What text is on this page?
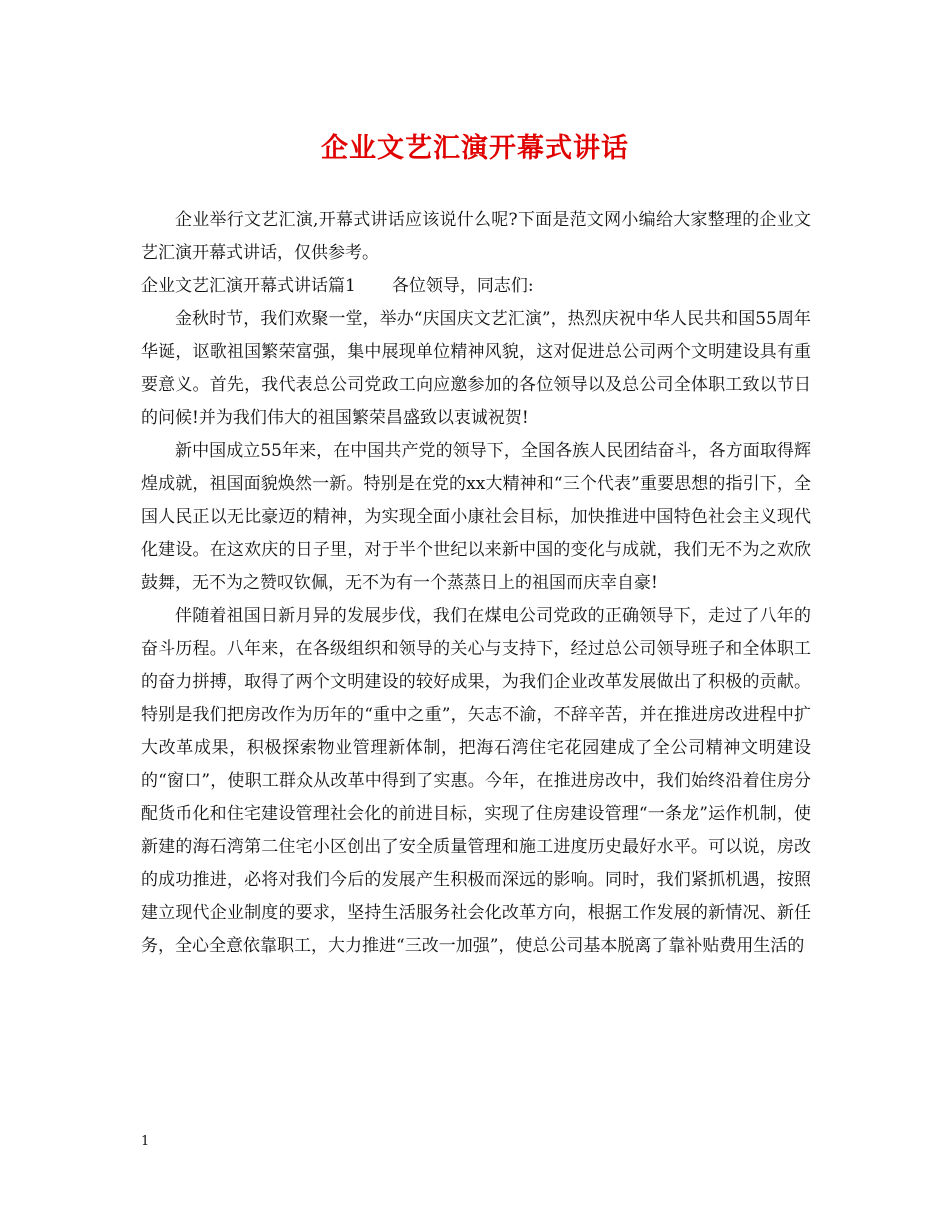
企业文艺汇演开幕式讲话

企业举行文艺汇演,开幕式讲话应该说什么呢?下面是范文网小编给大家整理的企业文艺汇演开幕式讲话，仅供参考。

企业文艺汇演开幕式讲话篇1 各位领导，同志们:

金秋时节，我们欢聚一堂，举办“庆国庆文艺汇演”，热烈庆祝中华人民共和国55周年华诞，讴歌祖国繁荣富强，集中展现单位精神风貌，这对促进总公司两个文明建设具有重要意义。首先，我代表总公司党政工向应邀参加的各位领导以及总公司全体职工致以节日的问候!并为我们伟大的祖国繁荣昌盛致以衷诚祝贺!

新中国成立55年来，在中国共产党的领导下，全国各族人民团结奋斗，各方面取得辉煌成就，祖国面貌焕然一新。特别是在党的xx大精神和“三个代表”重要思想的指引下，全国人民正以无比豪迈的精神，为实现全面小康社会目标，加快推进中国特色社会主义现代化建设。在这欢庆的日子里，对于半个世纪以来新中国的变化与成就，我们无不为之欢欣鼓舞，无不为之赞叹钦佩，无不为有一个蒸蒸日上的祖国而庆幸自豪!

伴随着祖国日新月异的发展步伐，我们在煤电公司党政的正确领导下，走过了八年的奋斗历程。八年来，在各级组织和领导的关心与支持下，经过总公司领导班子和全体职工的奋力拼搏，取得了两个文明建设的较好成果，为我们企业改革发展做出了积极的贡献。特别是我们把房改作为历年的“重中之重”，矢志不渝，不辞辛苦，并在推进房改进程中扩大改革成果，积极探索物业管理新体制，把海石湾住宅花园建成了全公司精神文明建设的“窗口”，使职工群众从改革中得到了实惠。今年，在推进房改中，我们始终沿着住房分配货币化和住宅建设管理社会化的前进目标，实现了住房建设管理“一条龙”运作机制，使新建的海石湾第二住宅小区创出了安全质量管理和施工进度历史最好水平。可以说，房改的成功推进，必将对我们今后的发展产生积极而深远的影响。同时，我们紧抓机遇，按照建立现代企业制度的要求，坚持生活服务社会化改革方向，根据工作发展的新情况、新任务，全心全意依靠职工，大力推进“三改一加强”，使总公司基本脱离了靠补贴费用生活的

1
